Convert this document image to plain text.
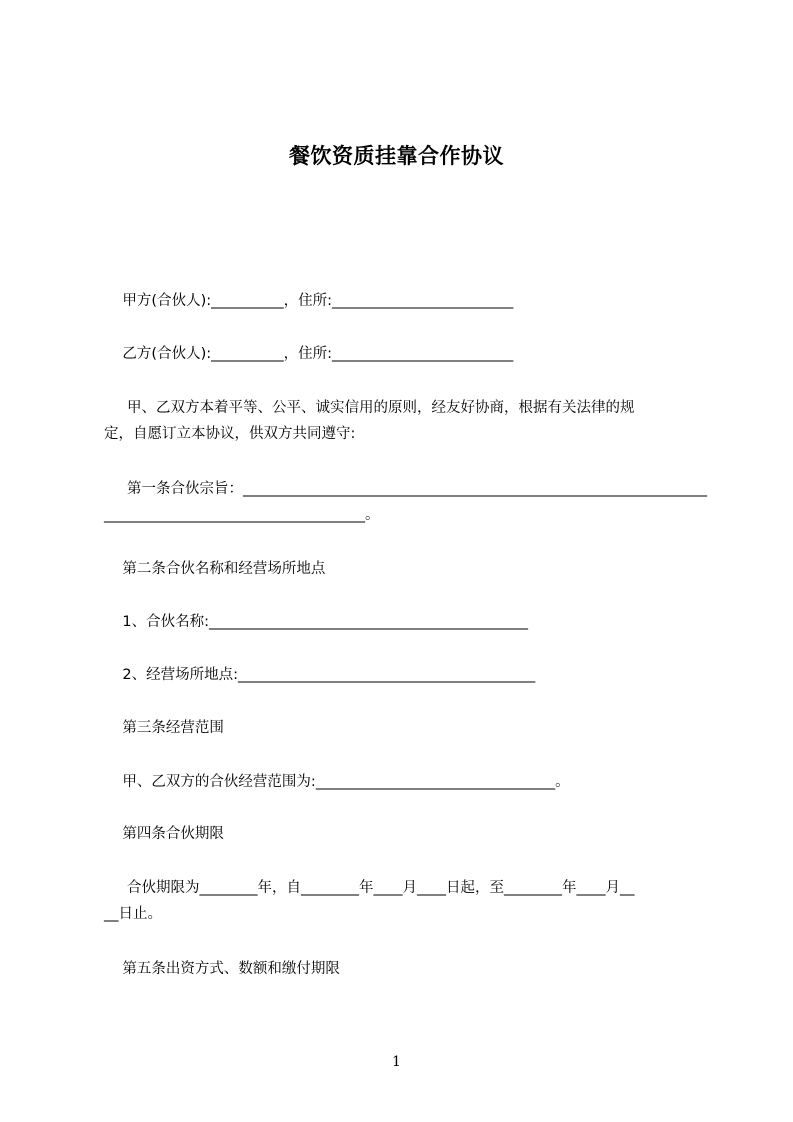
餐饮资质挂靠合作协议
甲方(合伙人):__________，住所:_________________________
乙方(合伙人):__________，住所:_________________________
甲、乙双方本着平等、公平、诚实信用的原则，经友好协商，根据有关法律的规
定，自愿订立本协议，供双方共同遵守:
第一条合伙宗旨：________________________________________________________________
____________________________________。
第二条合伙名称和经营场所地点
1、合伙名称:____________________________________________
2、经营场所地点:_________________________________________
第三条经营范围
甲、乙双方的合伙经营范围为:_________________________________。
第四条合伙期限
合伙期限为________年，自________年____月____日起，至________年____月__
__日止。
第五条出资方式、数额和缴付期限
1
